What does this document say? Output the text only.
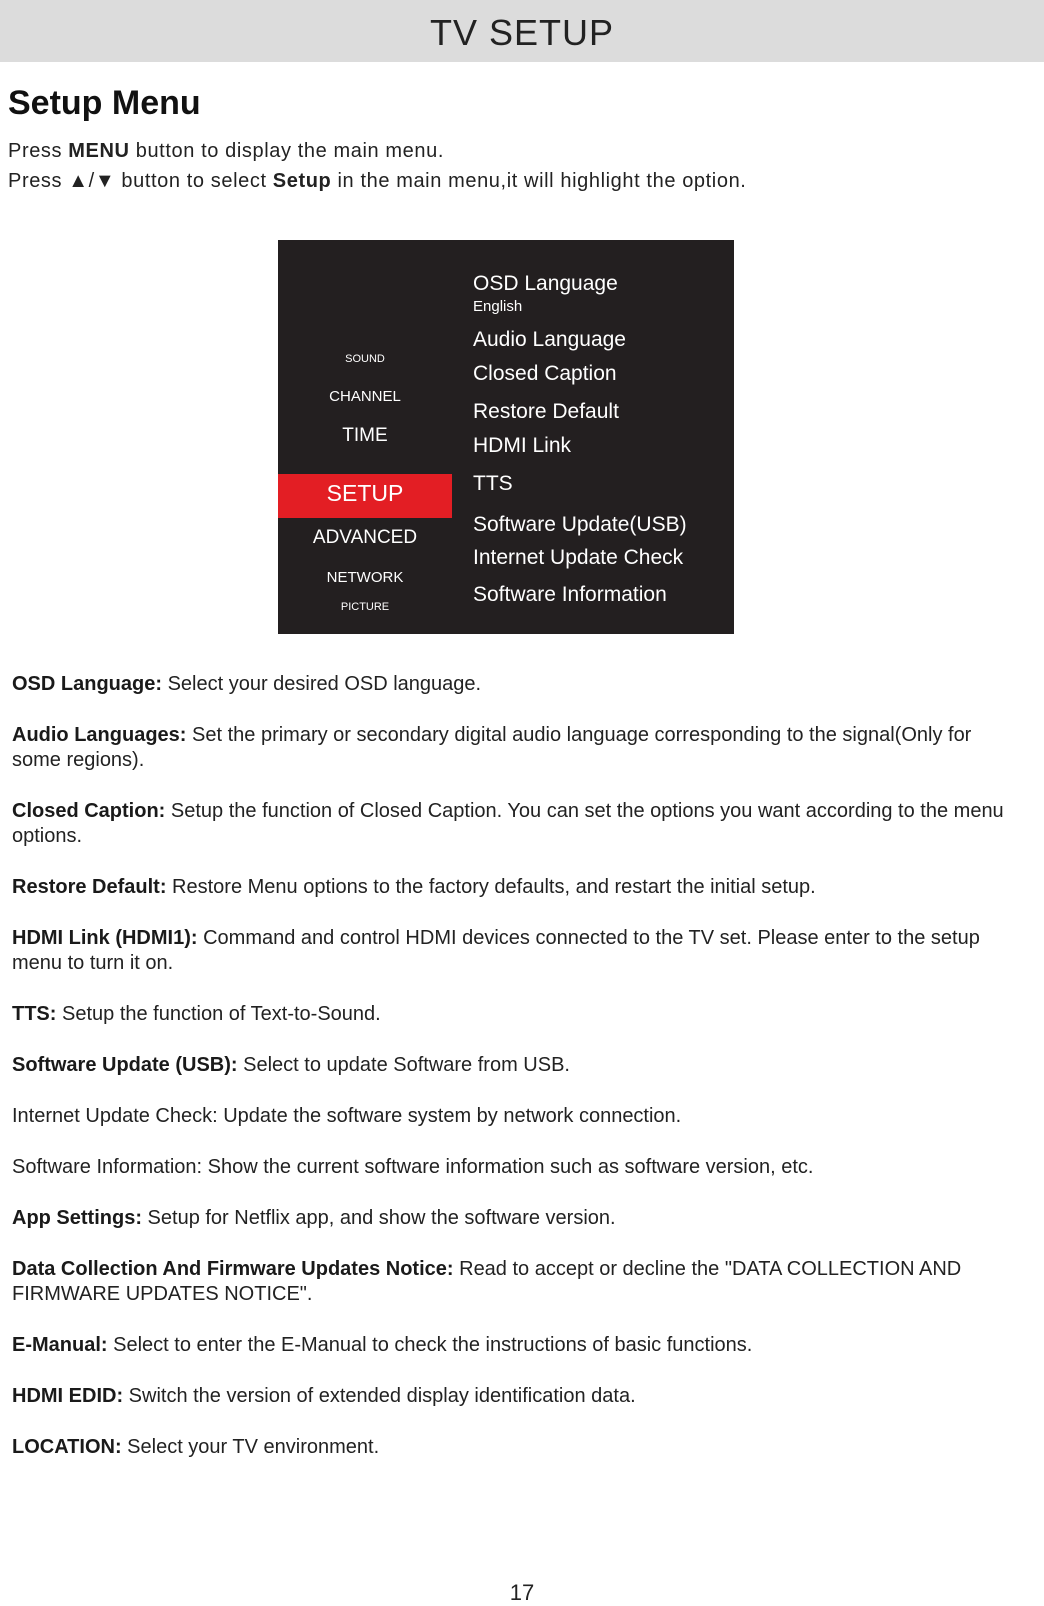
TV SETUP
Setup Menu
Press MENU button to display the main menu.
Press ▲/▼ button to select Setup in the main menu,it will highlight the option.
SOUND
CHANNEL
TIME
SETUP
ADVANCED
NETWORK
PICTURE
OSD Language
English
Audio Language
Closed Caption
Restore Default
HDMI Link
TTS
Software Update(USB)
Internet Update Check
Software Information
OSD Language: Select your desired OSD language.
Audio Languages: Set the primary or secondary digital audio language corresponding to the signal(Only for some regions).
Closed Caption: Setup the function of Closed Caption. You can set the options you want according to the menu options.
Restore Default: Restore Menu options to the factory defaults, and restart the initial setup.
HDMI Link (HDMI1): Command and control HDMI devices connected to the TV set. Please enter to the setup menu to turn it on.
TTS: Setup the function of Text-to-Sound.
Software Update (USB): Select to update Software from USB.
Internet Update Check: Update the software system by network connection.
Software Information: Show the current software information such as software version, etc.
App Settings: Setup for Netflix app, and show the software version.
Data Collection And Firmware Updates Notice: Read to accept or decline the "DATA COLLECTION AND FIRMWARE UPDATES NOTICE".
E-Manual: Select to enter the E-Manual to check the instructions of basic functions.
HDMI EDID: Switch the version of extended display identification data.
LOCATION: Select your TV environment.
17
